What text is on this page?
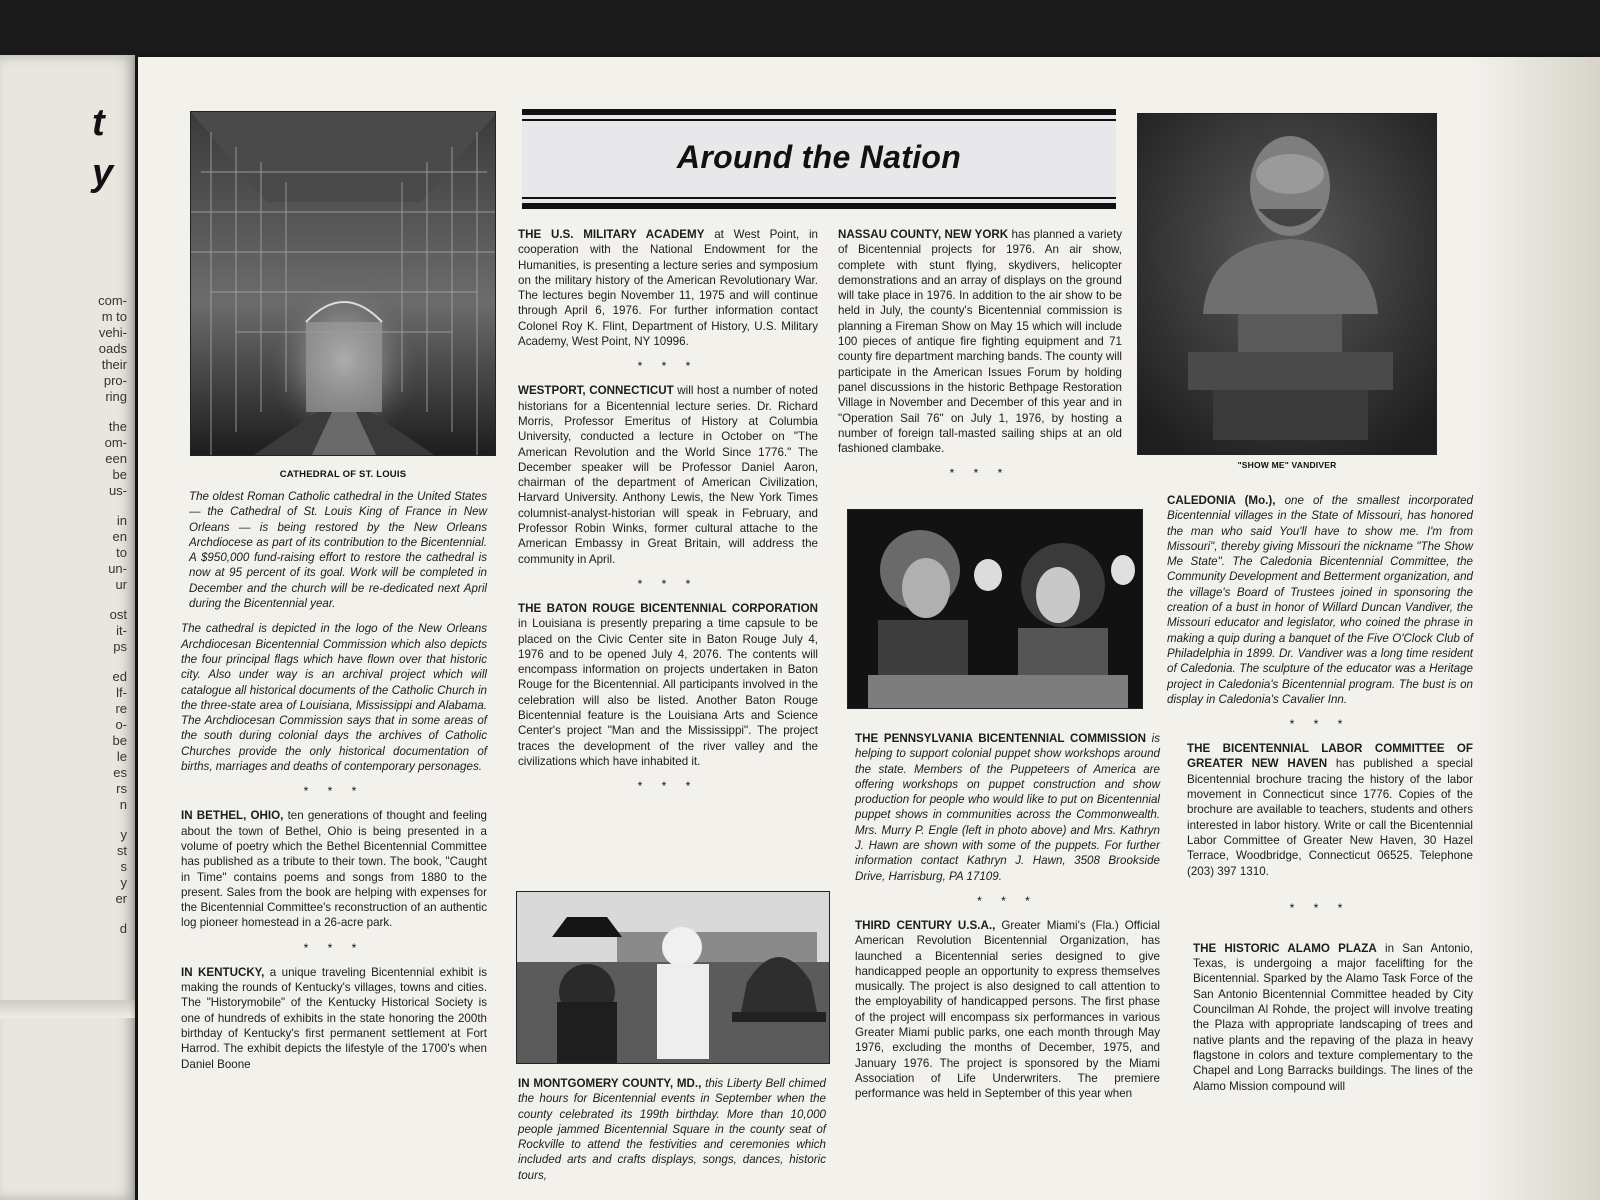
t
y
com-
m to
vehi-
oads
their
pro-
ring
the
om-
een
be
us-
in
en
to
un-
ur
ost
it-
ps
ed
lf-
re
o-
be
le
es
rs
n
y
st
s
y
er
d
CATHEDRAL OF ST. LOUIS

The oldest Roman Catholic cathedral in the United States — the Cathedral of St. Louis King of France in New Orleans — is being restored by the New Orleans Archdiocese as part of its contribution to the Bicentennial. A $950,000 fund-raising effort to restore the cathedral is now at 95 percent of its goal. Work will be completed in December and the church will be re-dedicated next April during the Bicentennial year.

The cathedral is depicted in the logo of the New Orleans Archdiocesan Bicentennial Commission which also depicts the four principal flags which have flown over that historic city. Also under way is an archival project which will catalogue all historical documents of the Catholic Church in the three-state area of Louisiana, Mississippi and Alabama. The Archdiocesan Commission says that in some areas of the south during colonial days the archives of Catholic Churches provide the only historical documentation of births, marriages and deaths of contemporary personages.

* * *

IN BETHEL, OHIO, ten generations of thought and feeling about the town of Bethel, Ohio is being presented in a volume of poetry which the Bethel Bicentennial Committee has published as a tribute to their town. The book, "Caught in Time" contains poems and songs from 1880 to the present. Sales from the book are helping with expenses for the Bicentennial Committee's reconstruction of an authentic log pioneer homestead in a 26-acre park.

* * *

IN KENTUCKY, a unique traveling Bicentennial exhibit is making the rounds of Kentucky's villages, towns and cities. The "Historymobile" of the Kentucky Historical Society is one of hundreds of exhibits in the state honoring the 200th birthday of Kentucky's first permanent settlement at Fort Harrod. The exhibit depicts the lifestyle of the 1700's when Daniel Boone

Around the Nation

THE U.S. MILITARY ACADEMY at West Point, in cooperation with the National Endowment for the Humanities, is presenting a lecture series and symposium on the military history of the American Revolutionary War. The lectures begin November 11, 1975 and will continue through April 6, 1976. For further information contact Colonel Roy K. Flint, Department of History, U.S. Military Academy, West Point, NY 10996.

* * *

WESTPORT, CONNECTICUT will host a number of noted historians for a Bicentennial lecture series. Dr. Richard Morris, Professor Emeritus of History at Columbia University, conducted a lecture in October on "The American Revolution and the World Since 1776." The December speaker will be Professor Daniel Aaron, chairman of the department of American Civilization, Harvard University. Anthony Lewis, the New York Times columnist-analyst-historian will speak in February, and Professor Robin Winks, former cultural attache to the American Embassy in Great Britain, will address the community in April.

* * *

THE BATON ROUGE BICENTENNIAL CORPORATION in Louisiana is presently preparing a time capsule to be placed on the Civic Center site in Baton Rouge July 4, 1976 and to be opened July 4, 2076. The contents will encompass information on projects undertaken in Baton Rouge for the Bicentennial. All participants involved in the celebration will also be listed. Another Baton Rouge Bicentennial feature is the Louisiana Arts and Science Center's project "Man and the Mississippi". The project traces the development of the river valley and the civilizations which have inhabited it.

* * *

IN MONTGOMERY COUNTY, MD., this Liberty Bell chimed the hours for Bicentennial events in September when the county celebrated its 199th birthday. More than 10,000 people jammed Bicentennial Square in the county seat of Rockville to attend the festivities and ceremonies which included arts and crafts displays, songs, dances, historic tours,

NASSAU COUNTY, NEW YORK has planned a variety of Bicentennial projects for 1976. An air show, complete with stunt flying, skydivers, helicopter demonstrations and an array of displays on the ground will take place in 1976. In addition to the air show to be held in July, the county's Bicentennial commission is planning a Fireman Show on May 15 which will include 100 pieces of antique fire fighting equipment and 71 county fire department marching bands. The county will participate in the American Issues Forum by holding panel discussions in the historic Bethpage Restoration Village in November and December of this year and in "Operation Sail 76" on July 1, 1976, by hosting a number of foreign tall-masted sailing ships at an old fashioned clambake.

* * *

THE PENNSYLVANIA BICENTENNIAL COMMISSION is helping to support colonial puppet show workshops around the state. Members of the Puppeteers of America are offering workshops on puppet construction and show production for people who would like to put on Bicentennial puppet shows in communities across the Commonwealth. Mrs. Murry P. Engle (left in photo above) and Mrs. Kathryn J. Hawn are shown with some of the puppets. For further information contact Kathryn J. Hawn, 3508 Brookside Drive, Harrisburg, PA 17109.

* * *

THIRD CENTURY U.S.A., Greater Miami's (Fla.) Official American Revolution Bicentennial Organization, has launched a Bicentennial series designed to give handicapped people an opportunity to express themselves musically. The project is also designed to call attention to the employability of handicapped persons. The first phase of the project will encompass six performances in various Greater Miami public parks, one each month through May 1976, excluding the months of December, 1975, and January 1976. The project is sponsored by the Miami Association of Life Underwriters. The premiere performance was held in September of this year when

"SHOW ME" VANDIVER

CALEDONIA (Mo.), one of the smallest incorporated Bicentennial villages in the State of Missouri, has honored the man who said You'll have to show me. I'm from Missouri", thereby giving Missouri the nickname "The Show Me State". The Caledonia Bicentennial Committee, the Community Development and Betterment organization, and the village's Board of Trustees joined in sponsoring the creation of a bust in honor of Willard Duncan Vandiver, the Missouri educator and legislator, who coined the phrase in making a quip during a banquet of the Five O'Clock Club of Philadelphia in 1899. Dr. Vandiver was a long time resident of Caledonia. The sculpture of the educator was a Heritage project in Caledonia's Bicentennial program. The bust is on display in Caledonia's Cavalier Inn.

* * *

THE BICENTENNIAL LABOR COMMITTEE OF GREATER NEW HAVEN has published a special Bicentennial brochure tracing the history of the labor movement in Connecticut since 1776. Copies of the brochure are available to teachers, students and others interested in labor history. Write or call the Bicentennial Labor Committee of Greater New Haven, 30 Hazel Terrace, Woodbridge, Connecticut 06525. Telephone (203) 397 1310.

* * *

THE HISTORIC ALAMO PLAZA in San Antonio, Texas, is undergoing a major facelifting for the Bicentennial. Sparked by the Alamo Task Force of the San Antonio Bicentennial Committee headed by City Councilman Al Rohde, the project will involve treating the Plaza with appropriate landscaping of trees and native plants and the repaving of the plaza in heavy flagstone in colors and texture complementary to the Chapel and Long Barracks buildings. The lines of the Alamo Mission compound will
